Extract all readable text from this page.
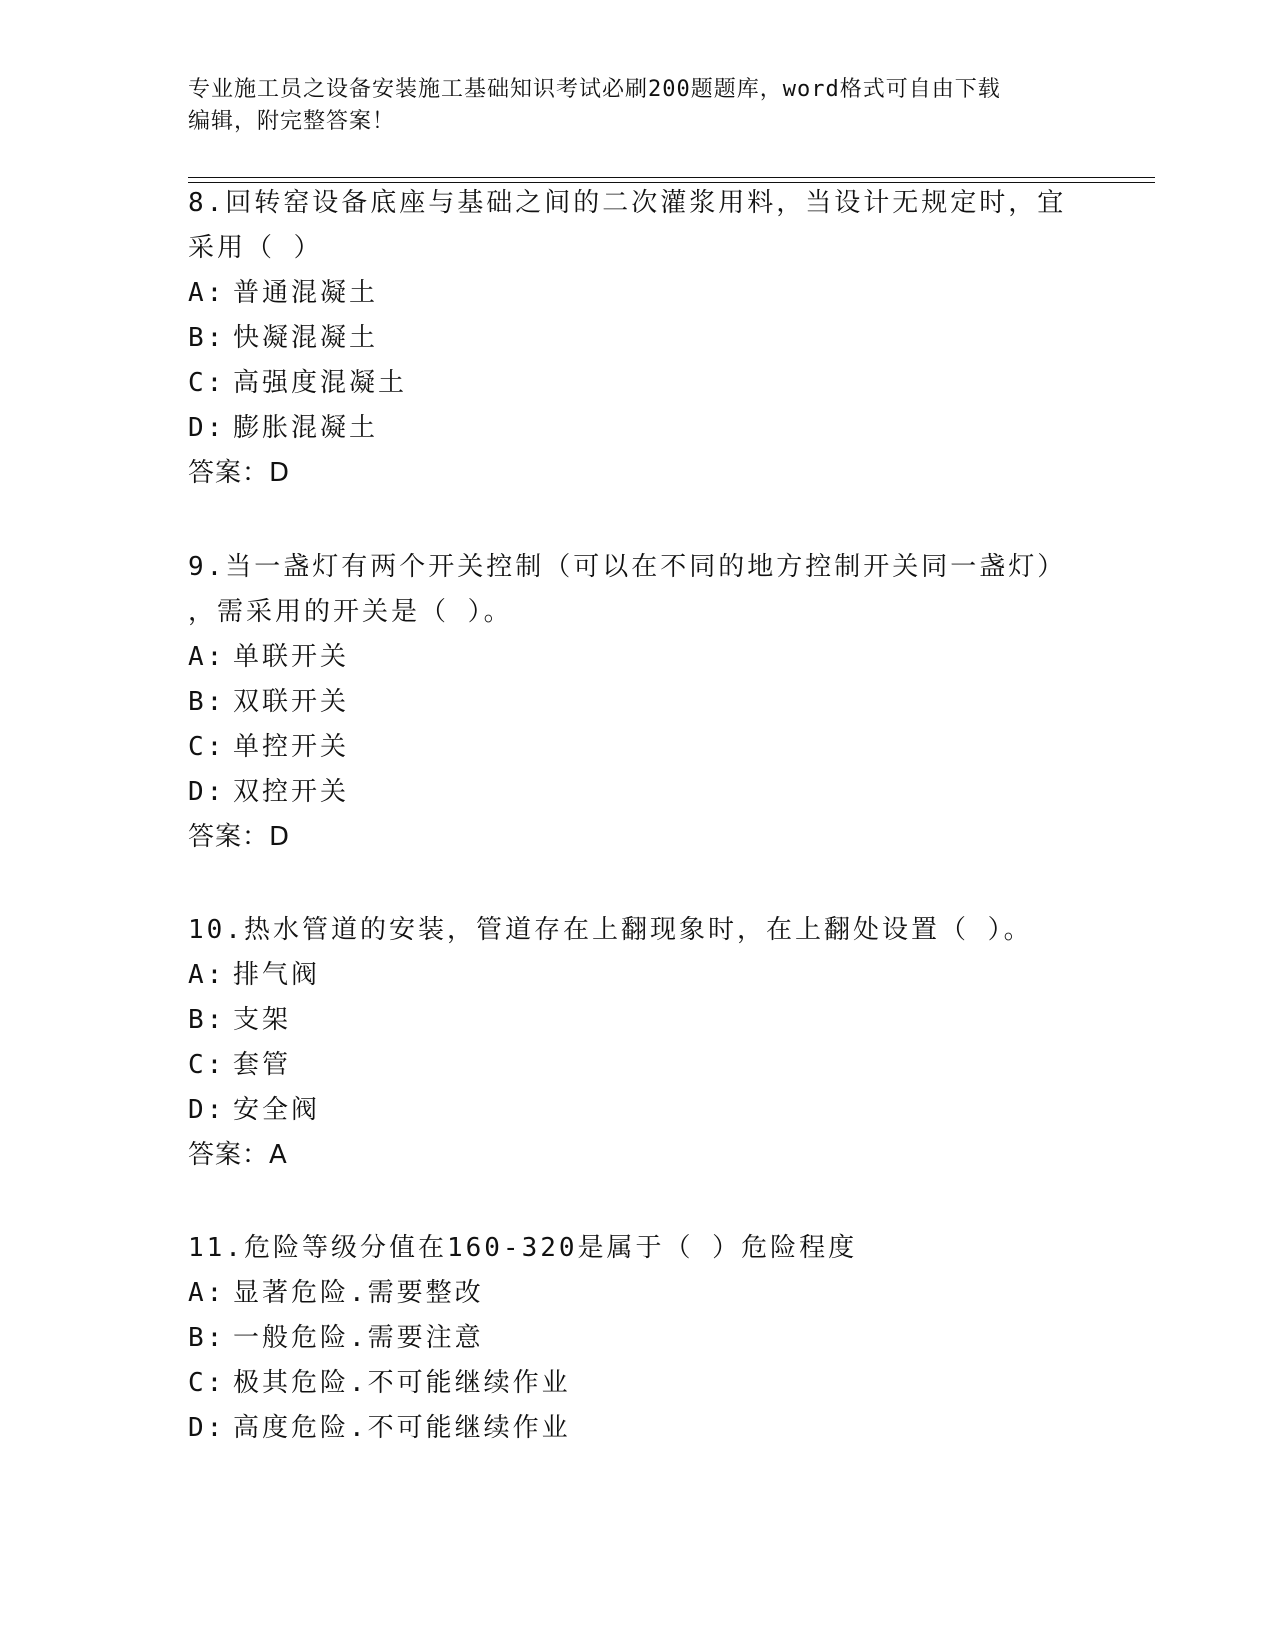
专业施工员之设备安装施工基础知识考试必刷200题题库，word格式可自由下载
编辑，附完整答案！

8.回转窑设备底座与基础之间的二次灌浆用料，当设计无规定时，宜

采用（ ）

A: 普通混凝土

B: 快凝混凝土

C: 高强度混凝土

D: 膨胀混凝土

答案：D

9.当一盏灯有两个开关控制（可以在不同的地方控制开关同一盏灯）

，需采用的开关是（ ）。

A: 单联开关

B: 双联开关

C: 单控开关

D: 双控开关

答案：D

10.热水管道的安装，管道存在上翻现象时，在上翻处设置（ ）。

A: 排气阀

B: 支架

C: 套管

D: 安全阀

答案：A

11.危险等级分值在160-320是属于（ ）危险程度

A: 显著危险.需要整改

B: 一般危险.需要注意

C: 极其危险.不可能继续作业

D: 高度危险.不可能继续作业
